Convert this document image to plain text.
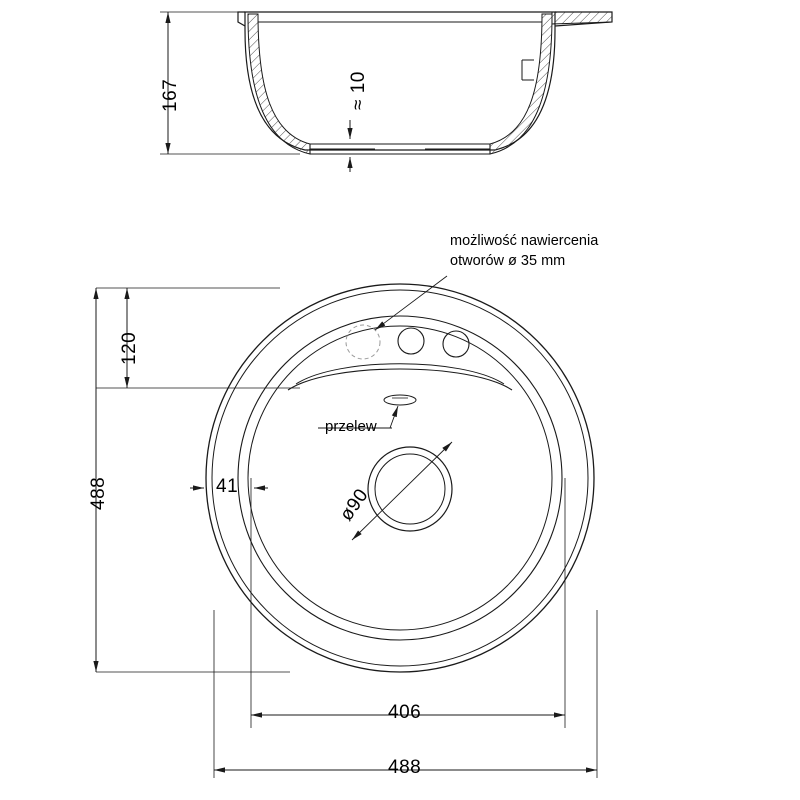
167	≈ 10
możliwość nawiercenia
otworów ø 35 mm
120
488	41
przelew
ø90
406
488
